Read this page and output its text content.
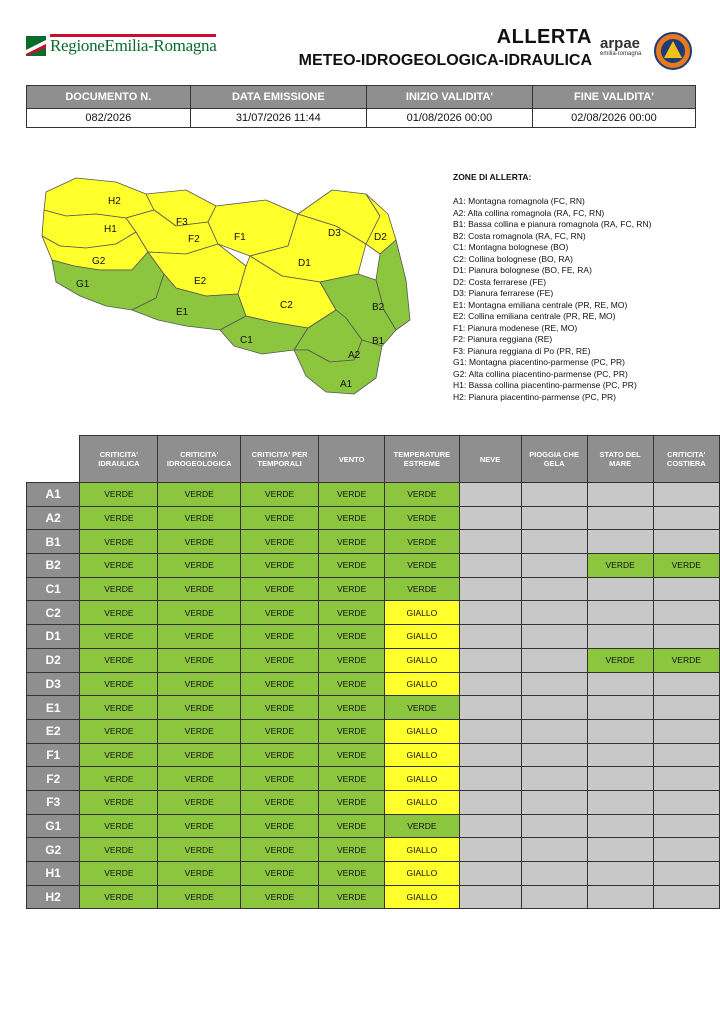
RegioneEmilia-Romagna	ALLERTA
METEO-IDROGEOLOGICA-IDRAULICA
arpae
emilia-romagna
DOCUMENTO N.	DATA EMISSIONE	INIZIO VALIDITA'	FINE VALIDITA'
082/2026	31/07/2026 11:44	01/08/2026 00:00	02/08/2026 00:00
H2
H1
G2
G1
F3
F2	F1
E2
E1
D1
D3	D2
C2
C1
B2
B1
A2
A1
ZONE DI ALLERTA:
A1: Montagna romagnola (FC, RN)
A2: Alta collina romagnola (RA, FC, RN)
B1: Bassa collina e pianura romagnola (RA, FC, RN)
B2: Costa romagnola (RA, FC, RN)
C1: Montagna bolognese (BO)
C2: Collina bolognese (BO, RA)
D1: Pianura bolognese (BO, FE, RA)
D2: Costa ferrarese (FE)
D3: Pianura ferrarese (FE)
E1: Montagna emiliana centrale (PR, RE, MO)
E2: Collina emiliana centrale (PR, RE, MO)
F1: Pianura modenese (RE, MO)
F2: Pianura reggiana (RE)
F3: Pianura reggiana di Po (PR, RE)
G1: Montagna piacentino-parmense (PC, PR)
G2: Alta collina piacentino-parmense (PC, PR)
H1: Bassa collina piacentino-parmense (PC, PR)
H2: Pianura piacentino-parmense (PC, PR)
	CRITICITA' IDRAULICA	CRITICITA' IDROGEOLOGICA	CRITICITA' PER TEMPORALI	VENTO	TEMPERATURE ESTREME	NEVE	PIOGGIA CHE GELA	STATO DEL MARE	CRITICITA' COSTIERA
A1	VERDE	VERDE	VERDE	VERDE	VERDE				
A2	VERDE	VERDE	VERDE	VERDE	VERDE				
B1	VERDE	VERDE	VERDE	VERDE	VERDE				
B2	VERDE	VERDE	VERDE	VERDE	VERDE			VERDE	VERDE
C1	VERDE	VERDE	VERDE	VERDE	VERDE				
C2	VERDE	VERDE	VERDE	VERDE	GIALLO				
D1	VERDE	VERDE	VERDE	VERDE	GIALLO				
D2	VERDE	VERDE	VERDE	VERDE	GIALLO			VERDE	VERDE
D3	VERDE	VERDE	VERDE	VERDE	GIALLO				
E1	VERDE	VERDE	VERDE	VERDE	VERDE				
E2	VERDE	VERDE	VERDE	VERDE	GIALLO				
F1	VERDE	VERDE	VERDE	VERDE	GIALLO				
F2	VERDE	VERDE	VERDE	VERDE	GIALLO				
F3	VERDE	VERDE	VERDE	VERDE	GIALLO				
G1	VERDE	VERDE	VERDE	VERDE	VERDE				
G2	VERDE	VERDE	VERDE	VERDE	GIALLO				
H1	VERDE	VERDE	VERDE	VERDE	GIALLO				
H2	VERDE	VERDE	VERDE	VERDE	GIALLO				
